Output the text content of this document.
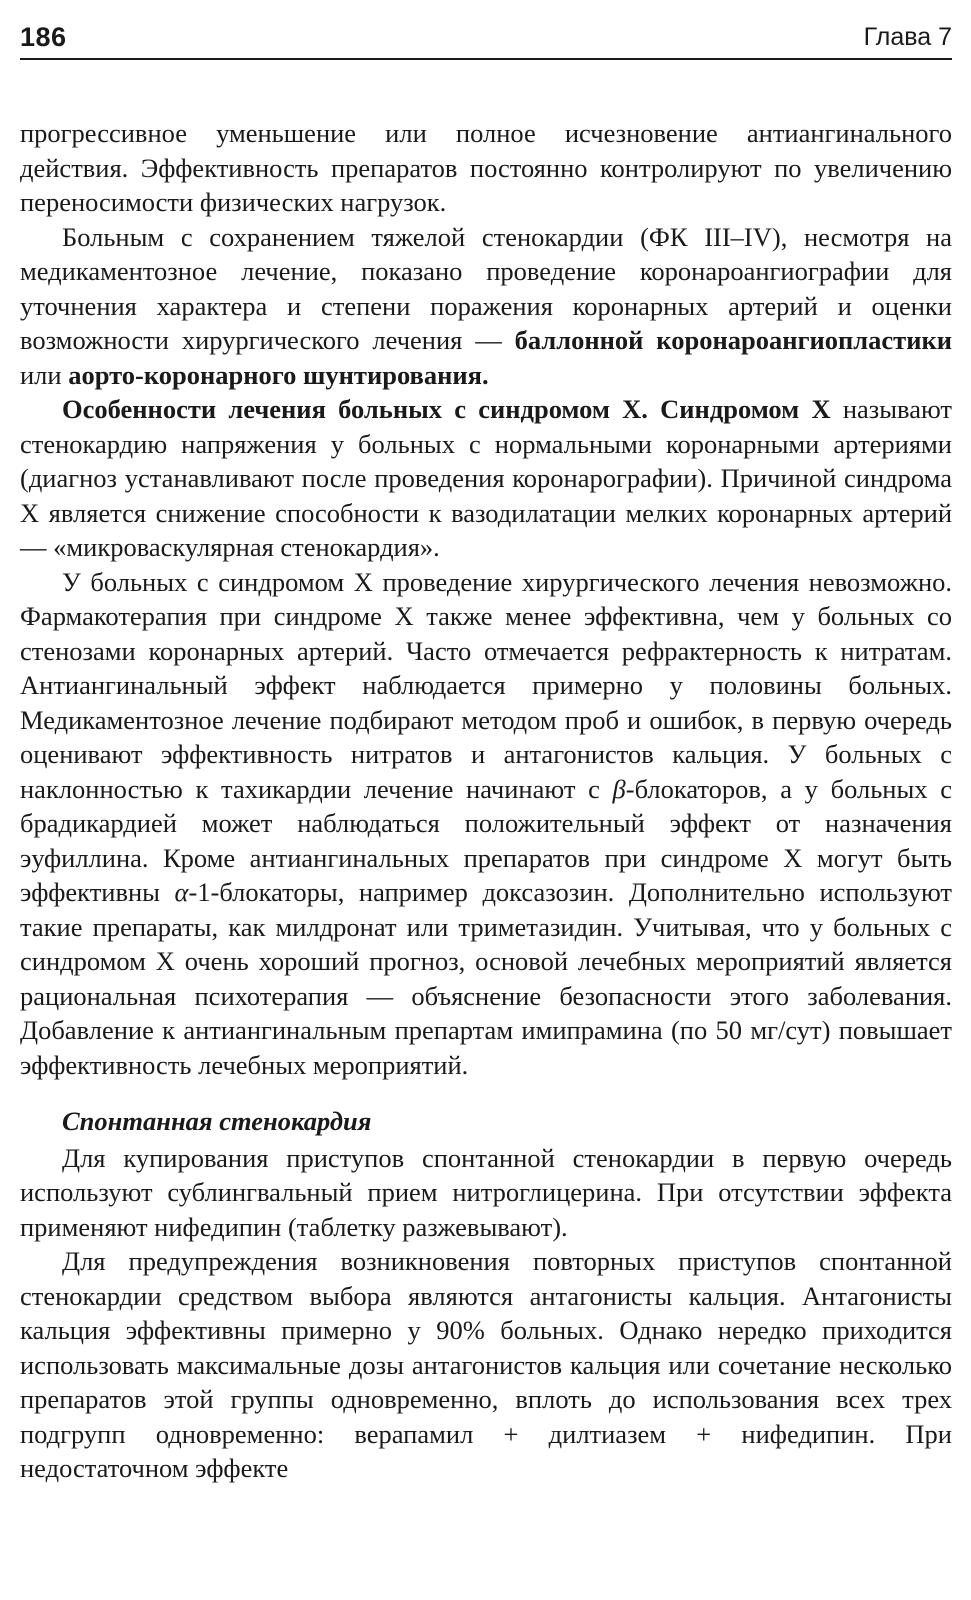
186	Глава 7

прогрессивное уменьшение или полное исчезновение антиангинального действия. Эффективность препаратов постоянно контролируют по увеличению переносимости физических нагрузок.

Больным с сохранением тяжелой стенокардии (ФК III–IV), несмотря на медикаментозное лечение, показано проведение коронароангиографии для уточнения характера и степени поражения коронарных артерий и оценки возможности хирургического лечения — баллонной коронароангиопластики или аорто-коронарного шунтирования.

Особенности лечения больных с синдромом X. Синдромом X называют стенокардию напряжения у больных с нормальными коронарными артериями (диагноз устанавливают после проведения коронарографии). Причиной синдрома X является снижение способности к вазодилатации мелких коронарных артерий — «микроваскулярная стенокардия».

У больных с синдромом X проведение хирургического лечения невозможно. Фармакотерапия при синдроме X также менее эффективна, чем у больных со стенозами коронарных артерий. Часто отмечается рефрактерность к нитратам. Антиангинальный эффект наблюдается примерно у половины больных. Медикаментозное лечение подбирают методом проб и ошибок, в первую очередь оценивают эффективность нитратов и антагонистов кальция. У больных с наклонностью к тахикардии лечение начинают с β-блокаторов, а у больных с брадикардией может наблюдаться положительный эффект от назначения эуфиллина. Кроме антиангинальных препаратов при синдроме X могут быть эффективны α-1-блокаторы, например доксазозин. Дополнительно используют такие препараты, как милдронат или триметазидин. Учитывая, что у больных с синдромом X очень хороший прогноз, основой лечебных мероприятий является рациональная психотерапия — объяснение безопасности этого заболевания. Добавление к антиангинальным препартам имипрамина (по 50 мг/сут) повышает эффективность лечебных мероприятий.

Спонтанная стенокардия

Для купирования приступов спонтанной стенокардии в первую очередь используют сублингвальный прием нитроглицерина. При отсутствии эффекта применяют нифедипин (таблетку разжевывают).

Для предупреждения возникновения повторных приступов спонтанной стенокардии средством выбора являются антагонисты кальция. Антагонисты кальция эффективны примерно у 90% больных. Однако нередко приходится использовать максимальные дозы антагонистов кальция или сочетание несколько препаратов этой группы одновременно, вплоть до использования всех трех подгрупп одновременно: верапамил + дилтиазем + нифедипин. При недостаточном эффекте
